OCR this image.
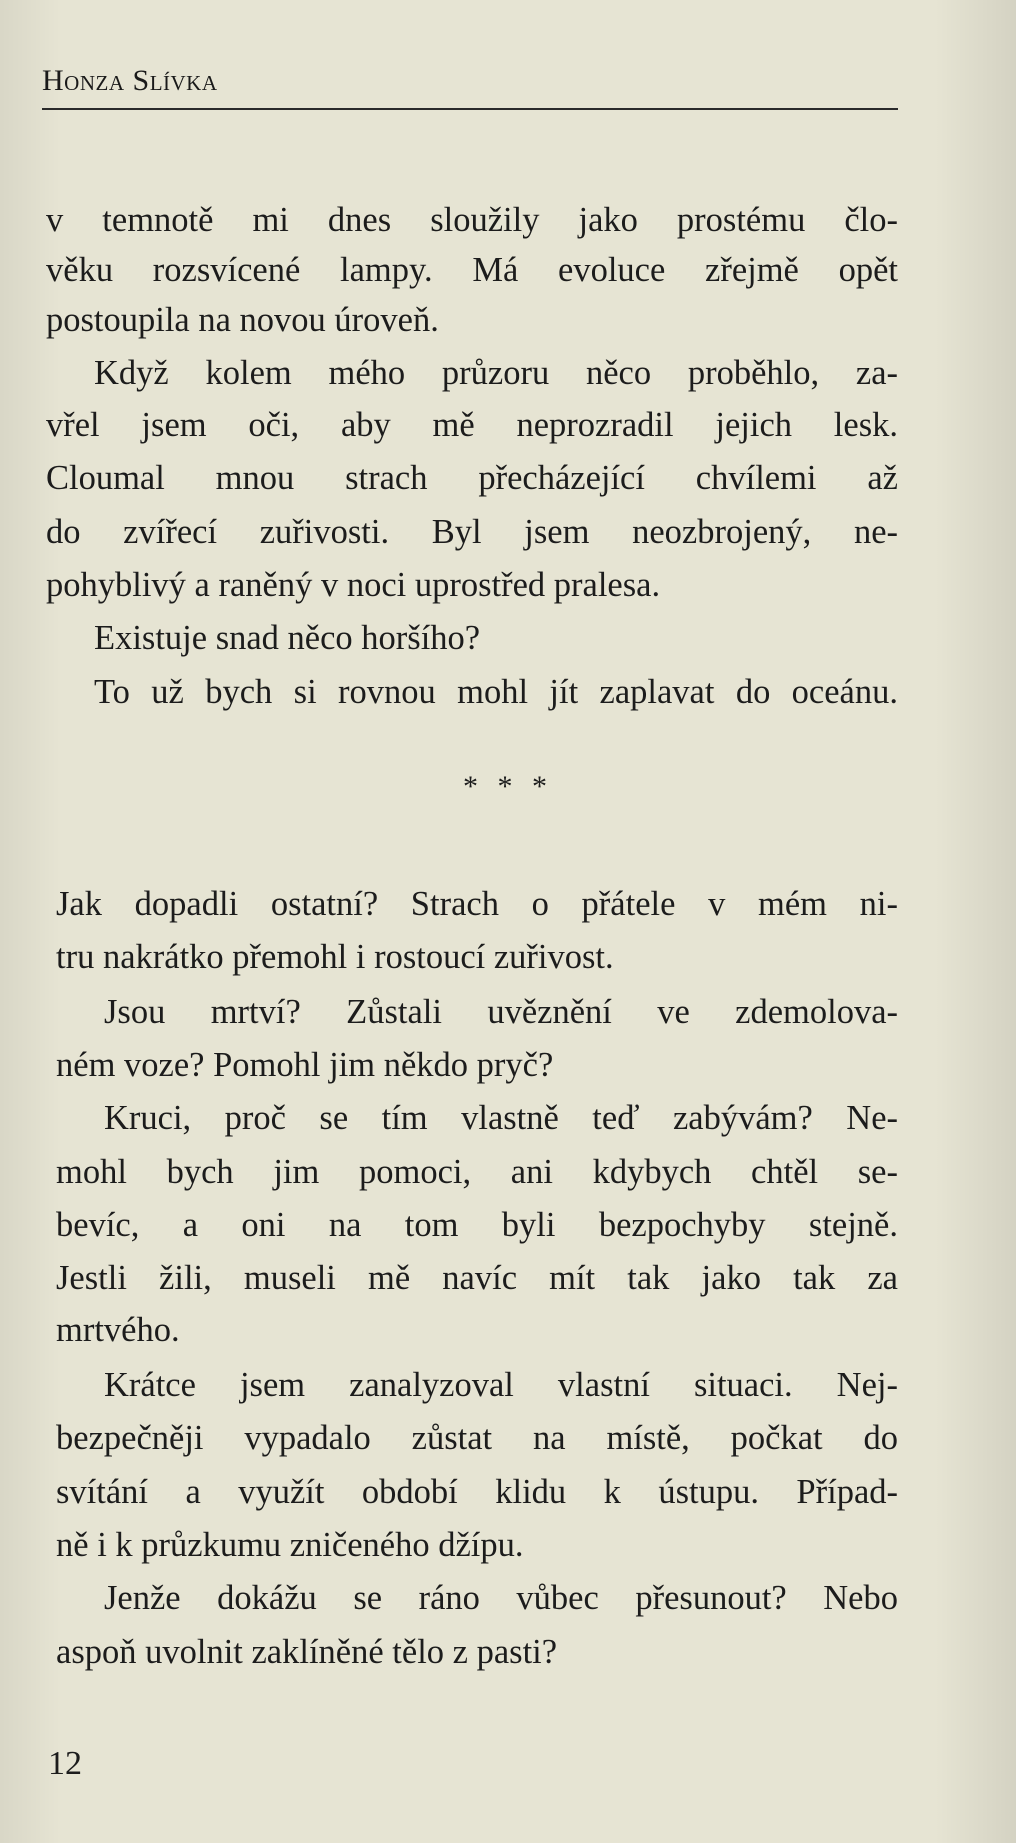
Honza Slívka
v temnotě mi dnes sloužily jako prostému člo-
věku rozsvícené lampy. Má evoluce zřejmě opět
postoupila na novou úroveň.
Když kolem mého průzoru něco proběhlo, za-
vřel jsem oči, aby mě neprozradil jejich lesk.
Cloumal mnou strach přecházející chvílemi až
do zvířecí zuřivosti. Byl jsem neozbrojený, ne-
pohyblivý a raněný v noci uprostřed pralesa.
Existuje snad něco horšího?
To už bych si rovnou mohl jít zaplavat do oceánu.
* * *
Jak dopadli ostatní? Strach o přátele v mém ni-
tru nakrátko přemohl i rostoucí zuřivost.
Jsou mrtví? Zůstali uvěznění ve zdemolova-
ném voze? Pomohl jim někdo pryč?
Kruci, proč se tím vlastně teď zabývám? Ne-
mohl bych jim pomoci, ani kdybych chtěl se-
bevíc, a oni na tom byli bezpochyby stejně.
Jestli žili, museli mě navíc mít tak jako tak za
mrtvého.
Krátce jsem zanalyzoval vlastní situaci. Nej-
bezpečněji vypadalo zůstat na místě, počkat do
svítání a využít období klidu k ústupu. Případ-
ně i k průzkumu zničeného džípu.
Jenže dokážu se ráno vůbec přesunout? Nebo
aspoň uvolnit zaklíněné tělo z pasti?
12
